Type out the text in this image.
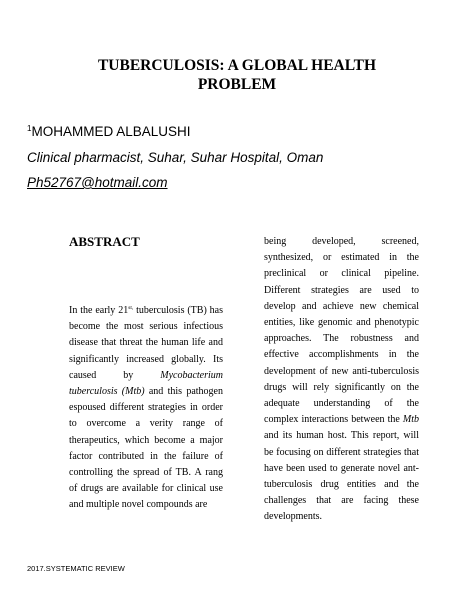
TUBERCULOSIS: A GLOBAL HEALTH PROBLEM
$^1$MOHAMMED ALBALUSHI
Clinical pharmacist, Suhar, Suhar Hospital, Oman
Ph52767@hotmail.com
ABSTRACT
In the early $21^{st,}$ tuberculosis (TB) has become the most serious infectious disease that threat the human life and significantly increased globally. Its caused by Mycobacterium tuberculosis (Mtb) and this pathogen espoused different strategies in order to overcome a verity range of therapeutics, which become a major factor contributed in the failure of controlling the spread of TB. A rang of drugs are available for clinical use and multiple novel compounds are
being developed, screened, synthesized, or estimated in the preclinical or clinical pipeline. Different strategies are used to develop and achieve new chemical entities, like genomic and phenotypic approaches. The robustness and effective accomplishments in the development of new anti-tuberculosis drugs will rely significantly on the adequate understanding of the complex interactions between the Mtb and its human host. This report, will be focusing on different strategies that have been used to generate novel ant-tuberculosis drug entities and the challenges that are facing these developments.
2017.SYSTEMATIC REVIEW
